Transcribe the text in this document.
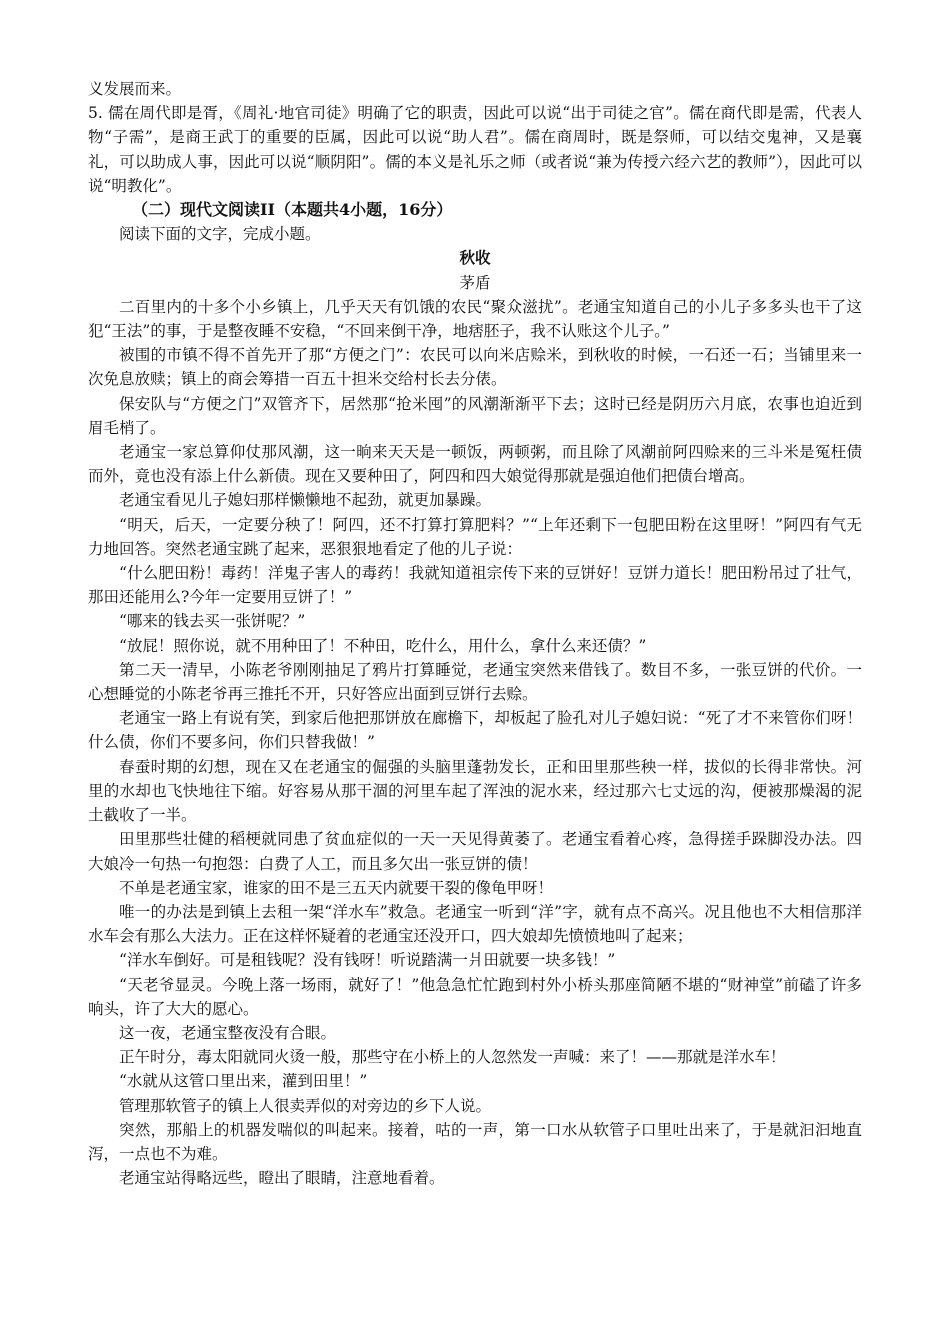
义发展而来。

5. 儒在周代即是胥，《周礼·地官司徒》明确了它的职责，因此可以说“出于司徒之官”。儒在商代即是需，代表人物“子需”，是商王武丁的重要的臣属，因此可以说“助人君”。儒在商周时，既是祭师，可以结交鬼神，又是襄礼，可以助成人事，因此可以说“顺阴阳”。儒的本义是礼乐之师（或者说“兼为传授六经六艺的教师”），因此可以说“明教化”。

（二）现代文阅读II（本题共4小题，16分）

阅读下面的文字，完成小题。

秋收

茅盾

二百里内的十多个小乡镇上，几乎天天有饥饿的农民“聚众滋扰”。老通宝知道自己的小儿子多多头也干了这犯“王法”的事，于是整夜睡不安稳，“不回来倒干净，地痞胚子，我不认账这个儿子。”

被围的市镇不得不首先开了那“方便之门”：农民可以向米店赊米，到秋收的时候，一石还一石；当铺里来一次免息放赎；镇上的商会筹措一百五十担米交给村长去分俵。

保安队与“方便之门”双管齐下，居然那“抢米囤”的风潮渐渐平下去；这时已经是阴历六月底，农事也迫近到眉毛梢了。

老通宝一家总算仰仗那风潮，这一晌来天天是一顿饭，两顿粥，而且除了风潮前阿四赊来的三斗米是冤枉债而外，竟也没有添上什么新债。现在又要种田了，阿四和四大娘觉得那就是强迫他们把债台增高。

老通宝看见儿子媳妇那样懒懒地不起劲，就更加暴躁。

“明天，后天，一定要分秧了！阿四，还不打算打算肥料？”“上年还剩下一包肥田粉在这里呀！”阿四有气无力地回答。突然老通宝跳了起来，恶狠狠地看定了他的儿子说：

“什么肥田粉！毒药！洋鬼子害人的毒药！我就知道祖宗传下来的豆饼好！豆饼力道长！肥田粉吊过了壮气，那田还能用么?今年一定要用豆饼了！”

“哪来的钱去买一张饼呢？”

“放屁！照你说，就不用种田了！不种田，吃什么，用什么，拿什么来还债？”

第二天一清早，小陈老爷刚刚抽足了鸦片打算睡觉，老通宝突然来借钱了。数目不多，一张豆饼的代价。一心想睡觉的小陈老爷再三推托不开，只好答应出面到豆饼行去赊。

老通宝一路上有说有笑，到家后他把那饼放在廊檐下，却板起了脸孔对儿子媳妇说：“死了才不来管你们呀！什么债，你们不要多问，你们只替我做！”

春蚕时期的幻想，现在又在老通宝的倔强的头脑里蓬勃发长，正和田里那些秧一样，拔似的长得非常快。河里的水却也飞快地往下缩。好容易从那干涸的河里车起了浑浊的泥水来，经过那六七丈远的沟，便被那燥渴的泥土截收了一半。

田里那些壮健的稻梗就同患了贫血症似的一天一天见得黄萎了。老通宝看着心疼，急得搓手跺脚没办法。四大娘冷一句热一句抱怨：白费了人工，而且多欠出一张豆饼的债！

不单是老通宝家，谁家的田不是三五天内就要干裂的像龟甲呀！

唯一的办法是到镇上去租一架“洋水车”救急。老通宝一听到“洋”字，就有点不高兴。况且他也不大相信那洋水车会有那么大法力。正在这样怀疑着的老通宝还没开口，四大娘却先愤愤地叫了起来；

“洋水车倒好。可是租钱呢？没有钱呀！听说踏满一爿田就要一块多钱！”

“天老爷显灵。今晚上落一场雨，就好了！”他急急忙忙跑到村外小桥头那座简陋不堪的“财神堂”前磕了许多响头，许了大大的愿心。

这一夜，老通宝整夜没有合眼。

正午时分，毒太阳就同火烫一般，那些守在小桥上的人忽然发一声喊：来了！——那就是洋水车！

“水就从这管口里出来，灌到田里！”

管理那软管子的镇上人很卖弄似的对旁边的乡下人说。

突然，那船上的机器发喘似的叫起来。接着，咕的一声，第一口水从软管子口里吐出来了，于是就汩汩地直泻，一点也不为难。

老通宝站得略远些，瞪出了眼睛，注意地看着。
